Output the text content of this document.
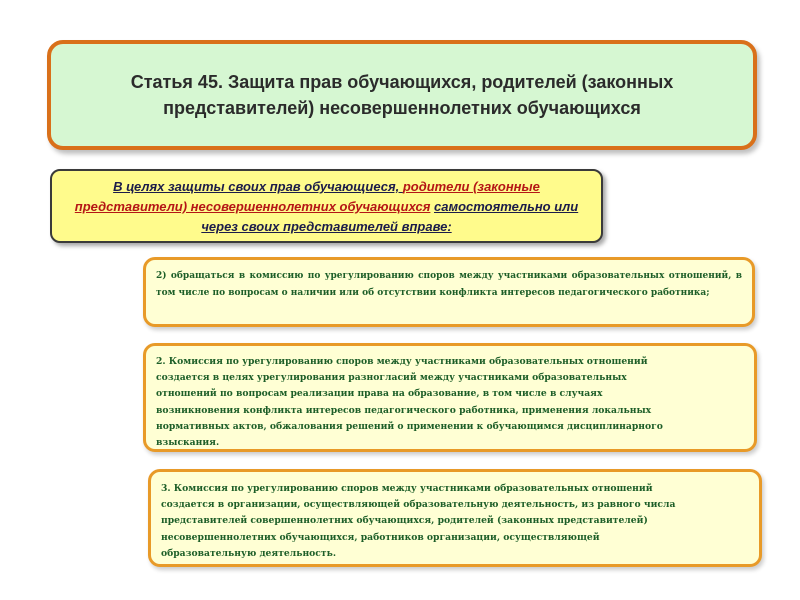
Статья 45. Защита прав обучающихся, родителей (законных
представителей) несовершеннолетних обучающихся
В целях защиты своих прав обучающиеся, родители (законные представители) несовершеннолетних обучающихся самостоятельно или через своих представителей вправе:

2) обращаться в комиссию по урегулированию споров между участниками образовательных отношений, в том числе по вопросам о наличии или об отсутствии конфликта интересов педагогического работника;

2. Комиссия по урегулированию споров между участниками образовательных отношений

создается в целях урегулирования разногласий между участниками образовательных

отношений по вопросам реализации права на образование, в том числе в случаях

возникновения конфликта интересов педагогического работника, применения локальных

нормативных актов, обжалования решений о применении к обучающимся дисциплинарного

взыскания.

3. Комиссия по урегулированию споров между участниками образовательных отношений

создается в организации, осуществляющей образовательную деятельность, из равного числа

представителей совершеннолетних обучающихся, родителей (законных представителей)

несовершеннолетних обучающихся, работников организации, осуществляющей

образовательную деятельность.
